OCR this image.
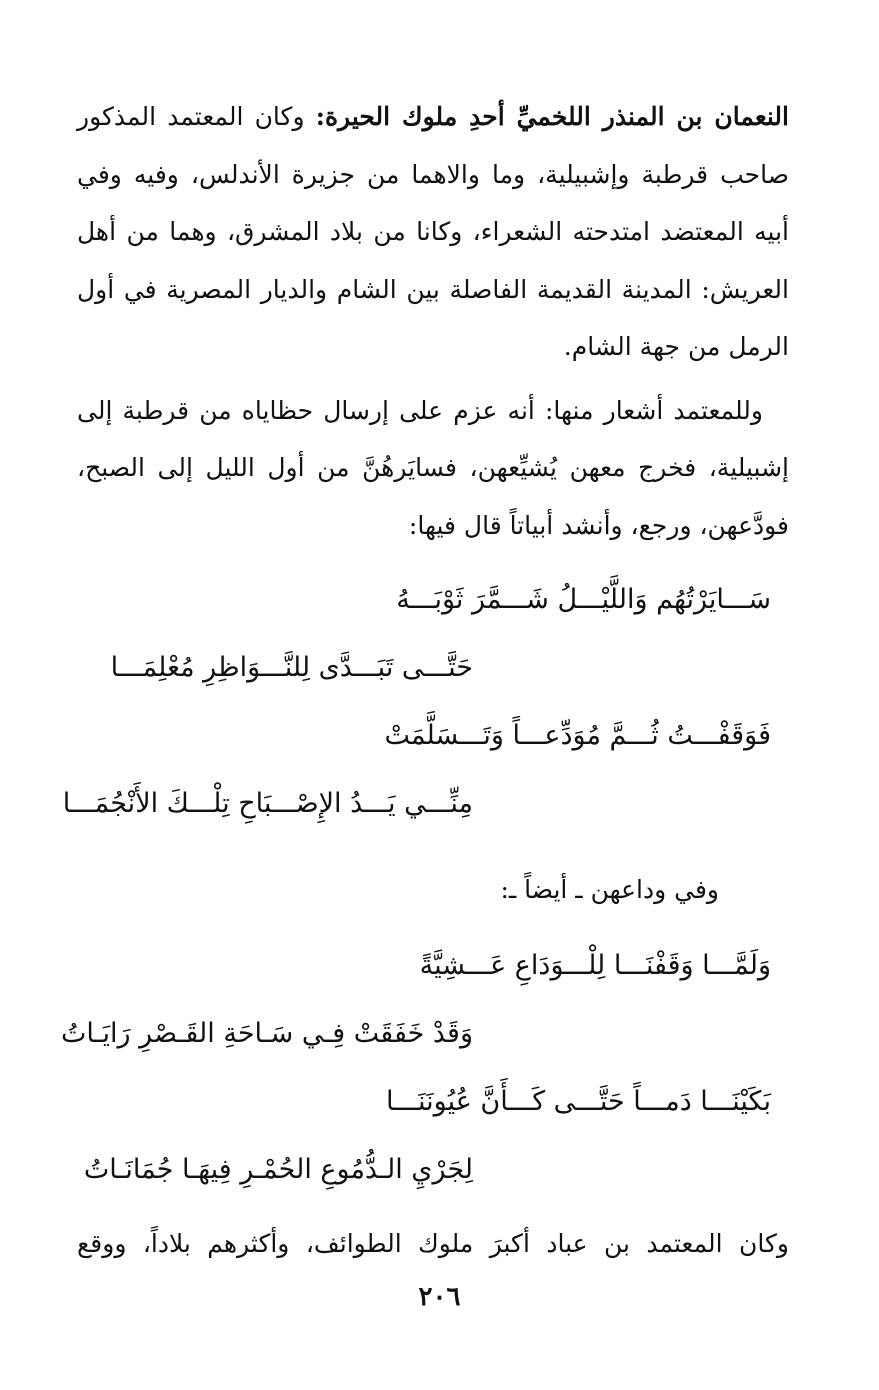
النعمان بن المنذر اللخميِّ أحدِ ملوك الحيرة: وكان المعتمد المذكور صاحب قرطبة وإشبيلية، وما والاهما من جزيرة الأندلس، وفيه وفي أبيه المعتضد امتدحته الشعراء، وكانا من بلاد المشرق، وهما من أهل العريش: المدينة القديمة الفاصلة بين الشام والديار المصرية في أول الرمل من جهة الشام.

وللمعتمد أشعار منها: أنه عزم على إرسال حظاياه من قرطبة إلى إشبيلية، فخرج معهن يُشيِّعهن، فسايَرهُنَّ من أول الليل إلى الصبح، فودَّعهن، ورجع، وأنشد أبياتاً قال فيها:

سَـــايَرْتُهُم وَاللَّيْـــلُ شَـــمَّرَ ثَوْبَـــهُ
حَتَّـــى تَبَـــدَّى لِلنَّـــوَاظِرِ مُعْلِمَـــا
فَوَقَفْـــتُ ثُـــمَّ مُوَدِّعـــاً وَتَـــسَلَّمَتْ
مِنِّـــي يَـــدُ الإِصْـــبَاحِ تِلْـــكَ الأَنْجُمَـــا
وفي وداعهن ـ أيضاً ـ:
وَلَمَّـــا وَقَفْنَـــا لِلْـــوَدَاعِ عَـــشِيَّةً
وَقَدْ خَفَقَتْ فِـي سَـاحَةِ القَـصْرِ رَايَـاتُ
بَكَيْنَـــا دَمـــاً حَتَّـــى كَـــأَنَّ عُيُونَنَـــا
لِجَرْيِ الـدُّمُوعِ الحُمْـرِ فِيهَـا جُمَانَـاتُ
وكان المعتمد بن عباد أكبرَ ملوك الطوائف، وأكثرهم بلاداً، ووقع
٢٠٦
